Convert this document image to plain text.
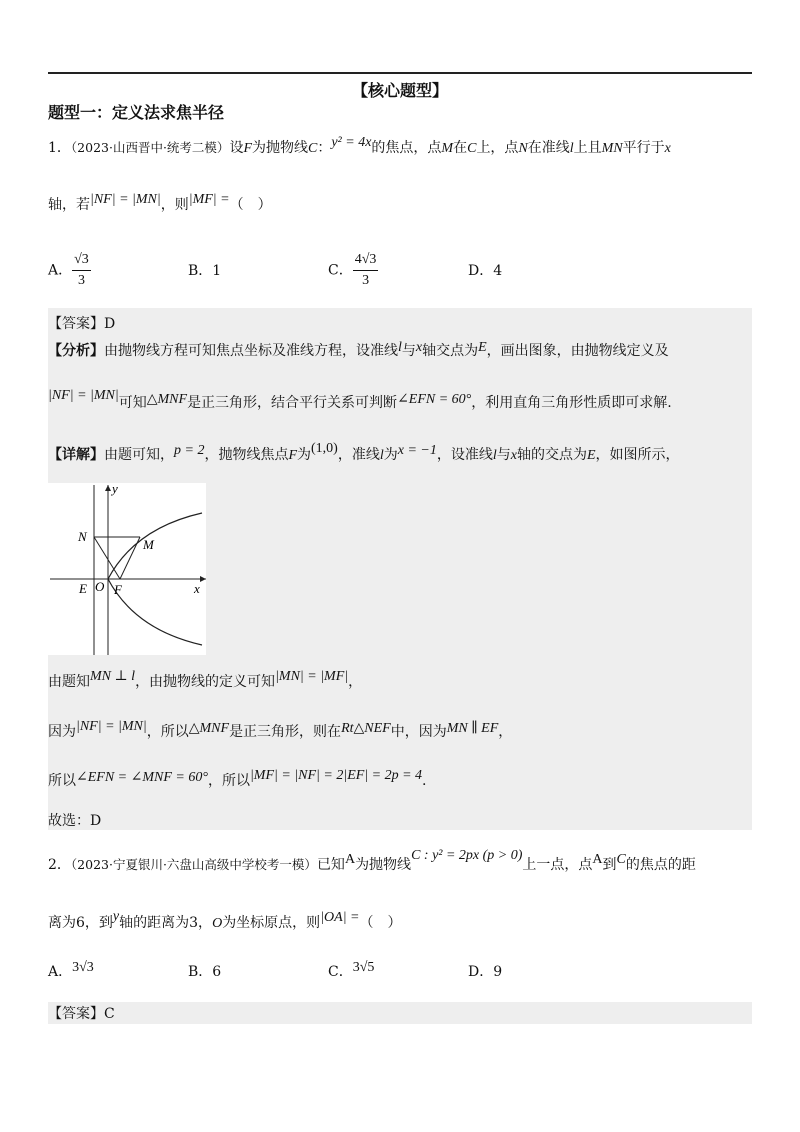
【核心题型】
题型一：定义法求焦半径
1．（2023·山西晋中·统考二模）设F为抛物线C：y² = 4x的焦点，点M在C上，点N在准线l上且MN平行于x
轴，若|NF| = |MN|，则|MF| =（　）
A． $\frac{√3}{3}$	B．1	C． $\frac{4√3}{3}$	D．4
【答案】D
【分析】由抛物线方程可知焦点坐标及准线方程，设准线l与x轴交点为E，画出图象，由抛物线定义及
|NF| = |MN|可知△MNF是正三角形，结合平行关系可判断∠EFN = 60°，利用直角三角形性质即可求解.
【详解】由题可知，p = 2，抛物线焦点F为(1,0)，准线l为x = −1，设准线l与x轴的交点为E，如图所示，
y
x
N
M
E O F
由题知MN ⊥ l，由抛物线的定义可知|MN| = |MF|，
因为|NF| = |MN|，所以△MNF是正三角形，则在Rt△NEF中，因为MN ∥ EF，
所以∠EFN = ∠MNF = 60°，所以|MF| = |NF| = 2|EF| = 2p = 4.
故选：D
2．（2023·宁夏银川·六盘山高级中学校考一模）已知A为抛物线C : y² = 2px (p > 0)上一点，点A到C的焦点的距
离为6，到y轴的距离为3，O为坐标原点，则|OA| =（　）
A．3√3	B．6	C．3√5	D．9
【答案】C
